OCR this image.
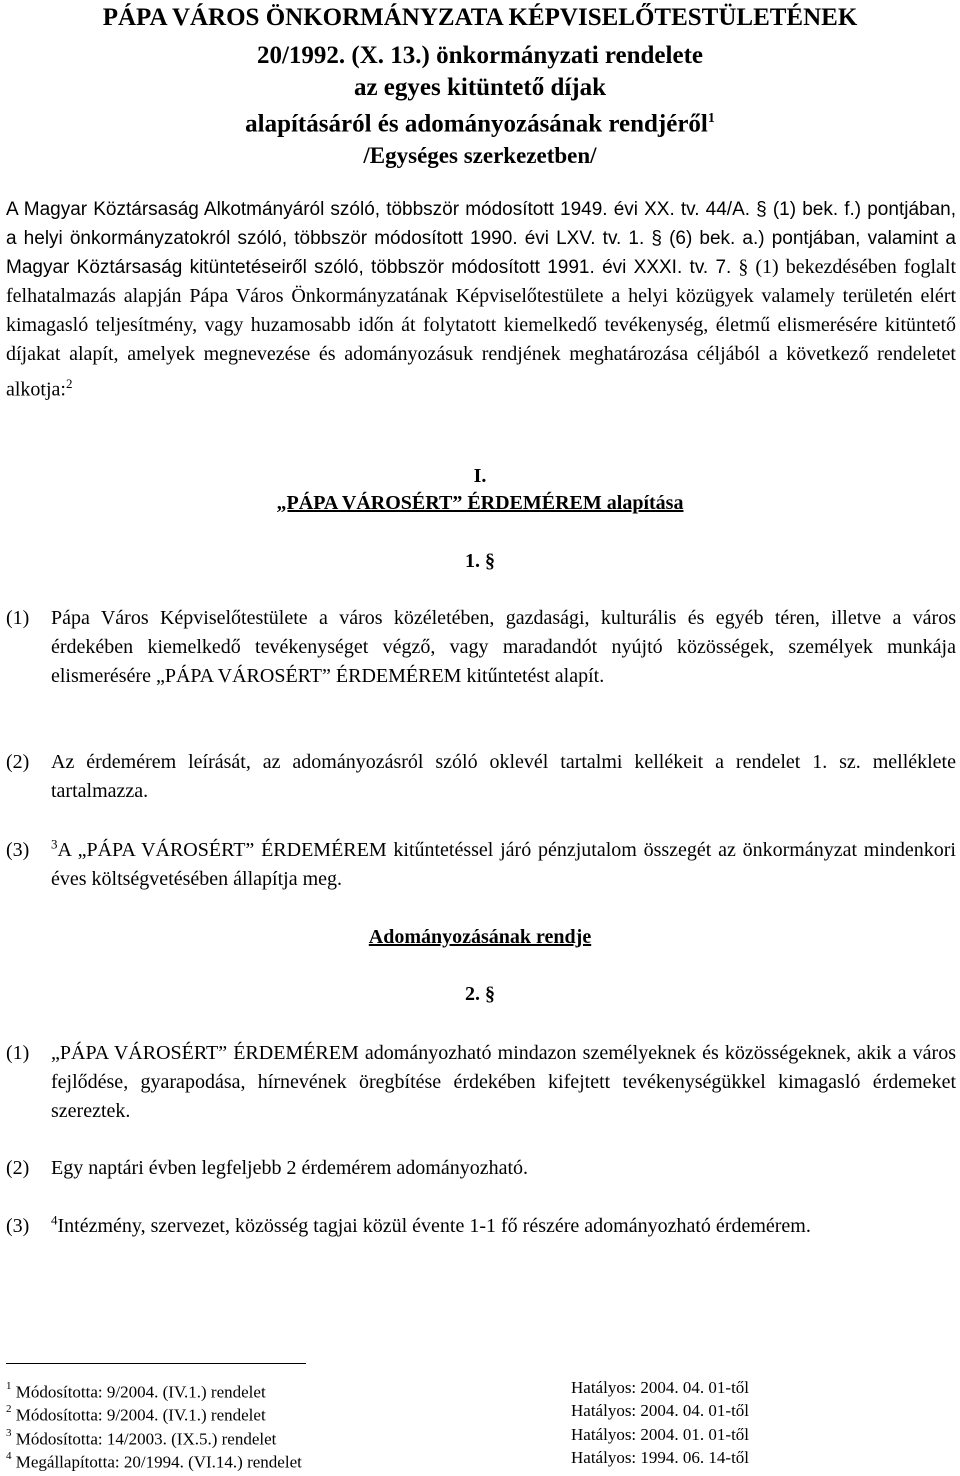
PÁPA VÁROS ÖNKORMÁNYZATA KÉPVISELŐTESTÜLETÉNEK

20/1992. (X. 13.) önkormányzati rendelete

az egyes kitüntető díjak

alapításáról és adományozásának rendjéről$^1$

/Egységes szerkezetben/

A Magyar Köztársaság Alkotmányáról szóló, többször módosított 1949. évi XX. tv. 44/A. § (1) bek. f.) pontjában, a helyi önkormányzatokról szóló, többször módosított 1990. évi LXV. tv. 1. § (6) bek. a.) pontjában, valamint a Magyar Köztársaság kitüntetéseiről szóló, többször módosított 1991. évi XXXI. tv. 7. § (1) bekezdésében foglalt felhatalmazás alapján Pápa Város Önkormányzatának Képviselőtestülete a helyi közügyek valamely területén elért kimagasló teljesítmény, vagy huzamosabb időn át folytatott kiemelkedő tevékenység, életmű elismerésére kitüntető díjakat alapít, amelyek megnevezése és adományozásuk rendjének meghatározása céljából a következő rendeletet alkotja:$^2$

I.

„PÁPA VÁROSÉRT” ÉRDEMÉREM alapítása

1. §

(1) Pápa Város Képviselőtestülete a város közéletében, gazdasági, kulturális és egyéb téren, illetve a város érdekében kiemelkedő tevékenységet végző, vagy maradandót nyújtó közösségek, személyek munkája elismerésére „PÁPA VÁROSÉRT” ÉRDEMÉREM kitűntetést alapít.
(2) Az érdemérem leírását, az adományozásról szóló oklevél tartalmi kellékeit a rendelet 1. sz. melléklete tartalmazza.
(3) $^3$A „PÁPA VÁROSÉRT” ÉRDEMÉREM kitűntetéssel járó pénzjutalom összegét az önkormányzat mindenkori éves költségvetésében állapítja meg.

Adományozásának rendje

2. §

(1) „PÁPA VÁROSÉRT” ÉRDEMÉREM adományozható mindazon személyeknek és közösségeknek, akik a város fejlődése, gyarapodása, hírnevének öregbítése érdekében kifejtett tevékenységükkel kimagasló érdemeket szereztek.
(2) Egy naptári évben legfeljebb 2 érdemérem adományozható.
(3) $^4$Intézmény, szervezet, közösség tagjai közül évente 1-1 fő részére adományozható érdemérem.
$^1$ Módosította: 9/2004. (IV.1.) rendelet	Hatályos: 2004. 04. 01-től
$^2$ Módosította: 9/2004. (IV.1.) rendelet	Hatályos: 2004. 04. 01-től
$^3$ Módosította: 14/2003. (IX.5.) rendelet	Hatályos: 2004. 01. 01-től
$^4$ Megállapította: 20/1994. (VI.14.) rendelet	Hatályos: 1994. 06. 14-től
